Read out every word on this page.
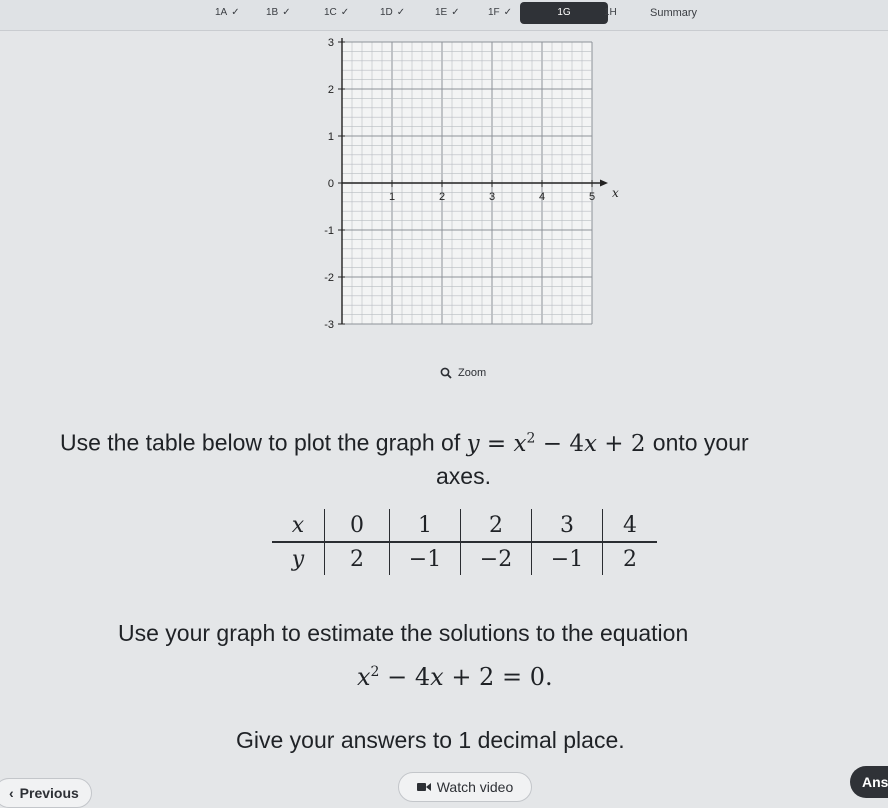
1A ✓	1B ✓	1C ✓	1D ✓	1E ✓	1F ✓	1G	1H	Summary
3
2
1
0
-1
-2
-3
1	2	3	4	5 x
Zoom
Use the table below to plot the graph of $y = x^2 - 4x + 2$ onto your
axes.
x	0	1	2	3	4
y	2	−1	−2	−1	2
Use your graph to estimate the solutions to the equation
$x^2 - 4x + 2 = 0$.
Give your answers to 1 decimal place.
‹ Previous	Watch video	Ans
